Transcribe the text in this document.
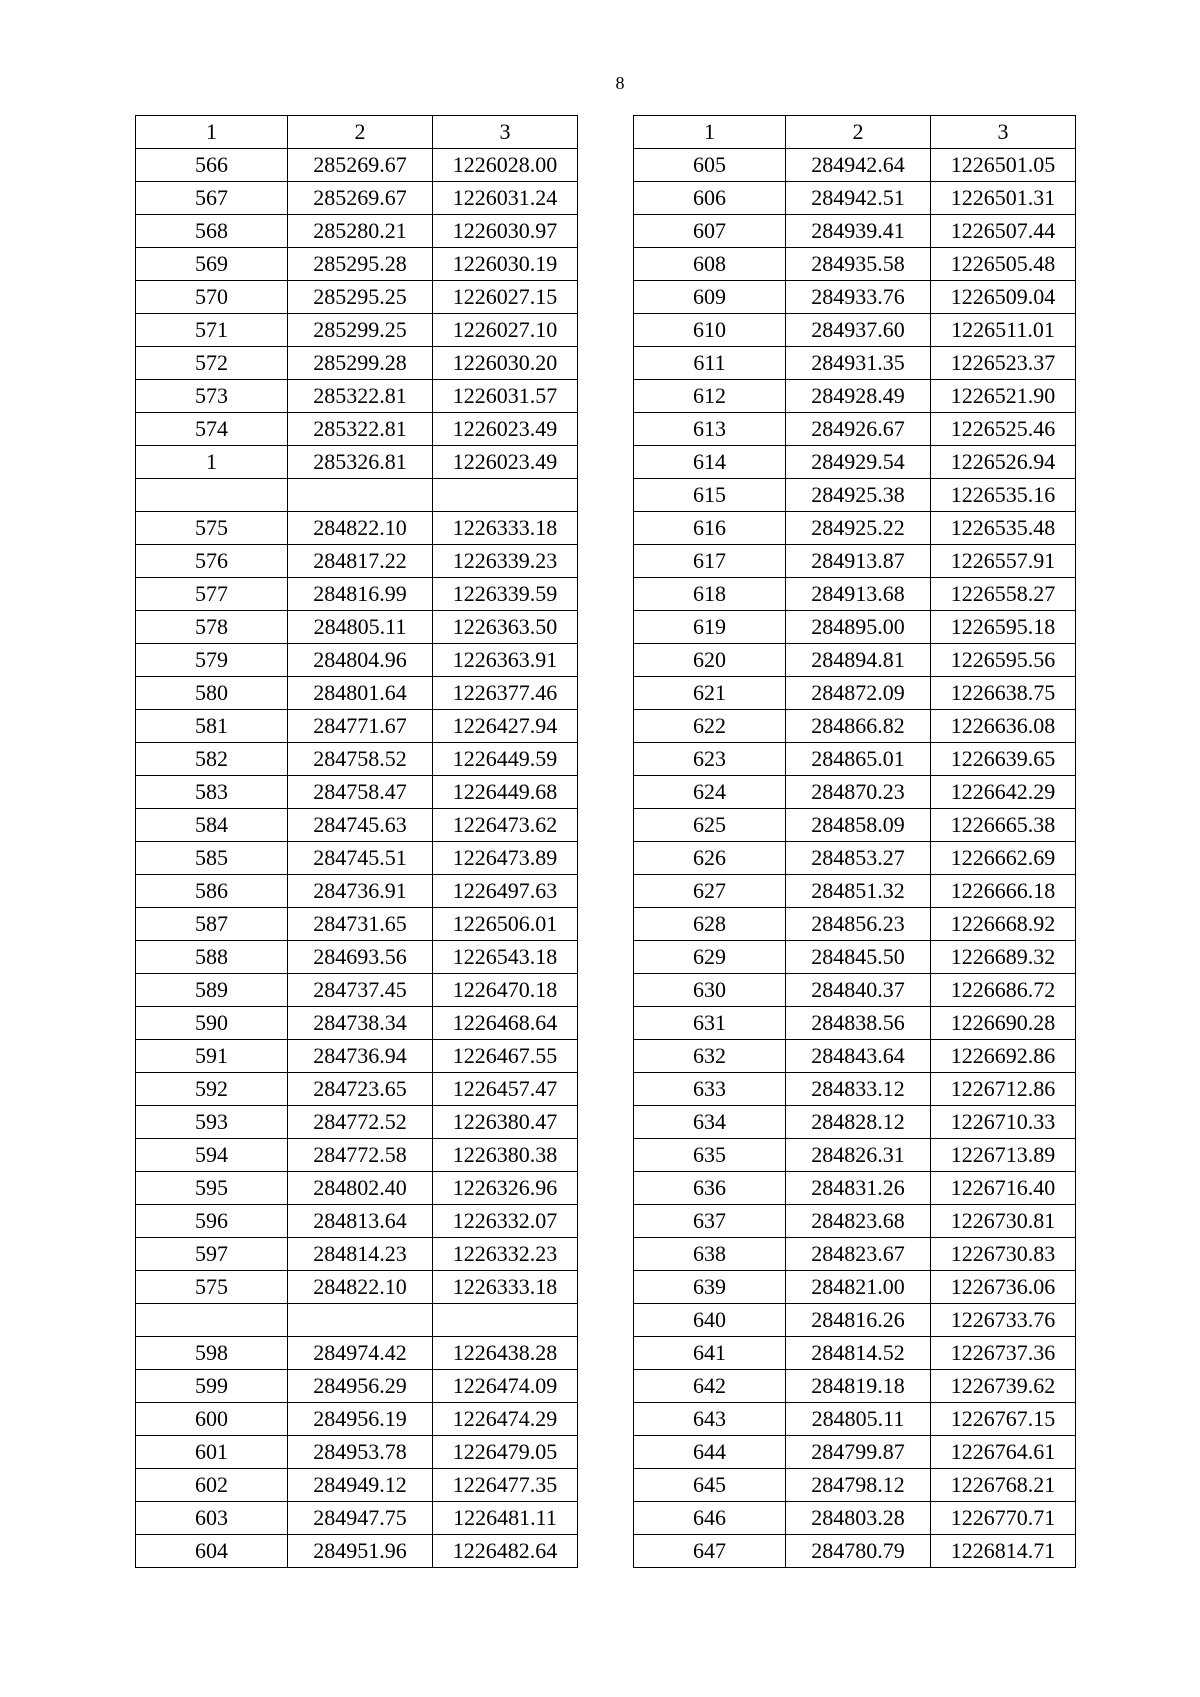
8
1	2	3
566	285269.67	1226028.00
567	285269.67	1226031.24
568	285280.21	1226030.97
569	285295.28	1226030.19
570	285295.25	1226027.15
571	285299.25	1226027.10
572	285299.28	1226030.20
573	285322.81	1226031.57
574	285322.81	1226023.49
1	285326.81	1226023.49

575	284822.10	1226333.18
576	284817.22	1226339.23
577	284816.99	1226339.59
578	284805.11	1226363.50
579	284804.96	1226363.91
580	284801.64	1226377.46
581	284771.67	1226427.94
582	284758.52	1226449.59
583	284758.47	1226449.68
584	284745.63	1226473.62
585	284745.51	1226473.89
586	284736.91	1226497.63
587	284731.65	1226506.01
588	284693.56	1226543.18
589	284737.45	1226470.18
590	284738.34	1226468.64
591	284736.94	1226467.55
592	284723.65	1226457.47
593	284772.52	1226380.47
594	284772.58	1226380.38
595	284802.40	1226326.96
596	284813.64	1226332.07
597	284814.23	1226332.23
575	284822.10	1226333.18

598	284974.42	1226438.28
599	284956.29	1226474.09
600	284956.19	1226474.29
601	284953.78	1226479.05
602	284949.12	1226477.35
603	284947.75	1226481.11
604	284951.96	1226482.64
1	2	3
605	284942.64	1226501.05
606	284942.51	1226501.31
607	284939.41	1226507.44
608	284935.58	1226505.48
609	284933.76	1226509.04
610	284937.60	1226511.01
611	284931.35	1226523.37
612	284928.49	1226521.90
613	284926.67	1226525.46
614	284929.54	1226526.94
615	284925.38	1226535.16
616	284925.22	1226535.48
617	284913.87	1226557.91
618	284913.68	1226558.27
619	284895.00	1226595.18
620	284894.81	1226595.56
621	284872.09	1226638.75
622	284866.82	1226636.08
623	284865.01	1226639.65
624	284870.23	1226642.29
625	284858.09	1226665.38
626	284853.27	1226662.69
627	284851.32	1226666.18
628	284856.23	1226668.92
629	284845.50	1226689.32
630	284840.37	1226686.72
631	284838.56	1226690.28
632	284843.64	1226692.86
633	284833.12	1226712.86
634	284828.12	1226710.33
635	284826.31	1226713.89
636	284831.26	1226716.40
637	284823.68	1226730.81
638	284823.67	1226730.83
639	284821.00	1226736.06
640	284816.26	1226733.76
641	284814.52	1226737.36
642	284819.18	1226739.62
643	284805.11	1226767.15
644	284799.87	1226764.61
645	284798.12	1226768.21
646	284803.28	1226770.71
647	284780.79	1226814.71
